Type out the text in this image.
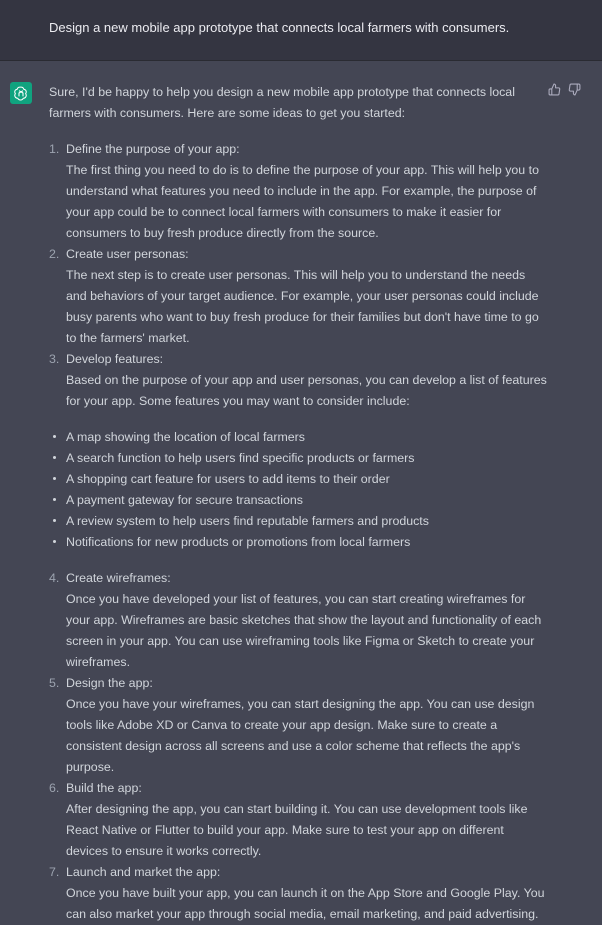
Design a new mobile app prototype that connects local farmers with consumers.

Sure, I'd be happy to help you design a new mobile app prototype that connects local farmers with consumers. Here are some ideas to get you started:

1. Define the purpose of your app:
The first thing you need to do is to define the purpose of your app. This will help you to understand what features you need to include in the app. For example, the purpose of your app could be to connect local farmers with consumers to make it easier for consumers to buy fresh produce directly from the source.
2. Create user personas:
The next step is to create user personas. This will help you to understand the needs and behaviors of your target audience. For example, your user personas could include busy parents who want to buy fresh produce for their families but don't have time to go to the farmers' market.
3. Develop features:
Based on the purpose of your app and user personas, you can develop a list of features for your app. Some features you may want to consider include:
A map showing the location of local farmers
A search function to help users find specific products or farmers
A shopping cart feature for users to add items to their order
A payment gateway for secure transactions
A review system to help users find reputable farmers and products
Notifications for new products or promotions from local farmers
4. Create wireframes:
Once you have developed your list of features, you can start creating wireframes for your app. Wireframes are basic sketches that show the layout and functionality of each screen in your app. You can use wireframing tools like Figma or Sketch to create your wireframes.
5. Design the app:
Once you have your wireframes, you can start designing the app. You can use design tools like Adobe XD or Canva to create your app design. Make sure to create a consistent design across all screens and use a color scheme that reflects the app's purpose.
6. Build the app:
After designing the app, you can start building it. You can use development tools like React Native or Flutter to build your app. Make sure to test your app on different devices to ensure it works correctly.
7. Launch and market the app:
Once you have built your app, you can launch it on the App Store and Google Play. You can also market your app through social media, email marketing, and paid advertising.
